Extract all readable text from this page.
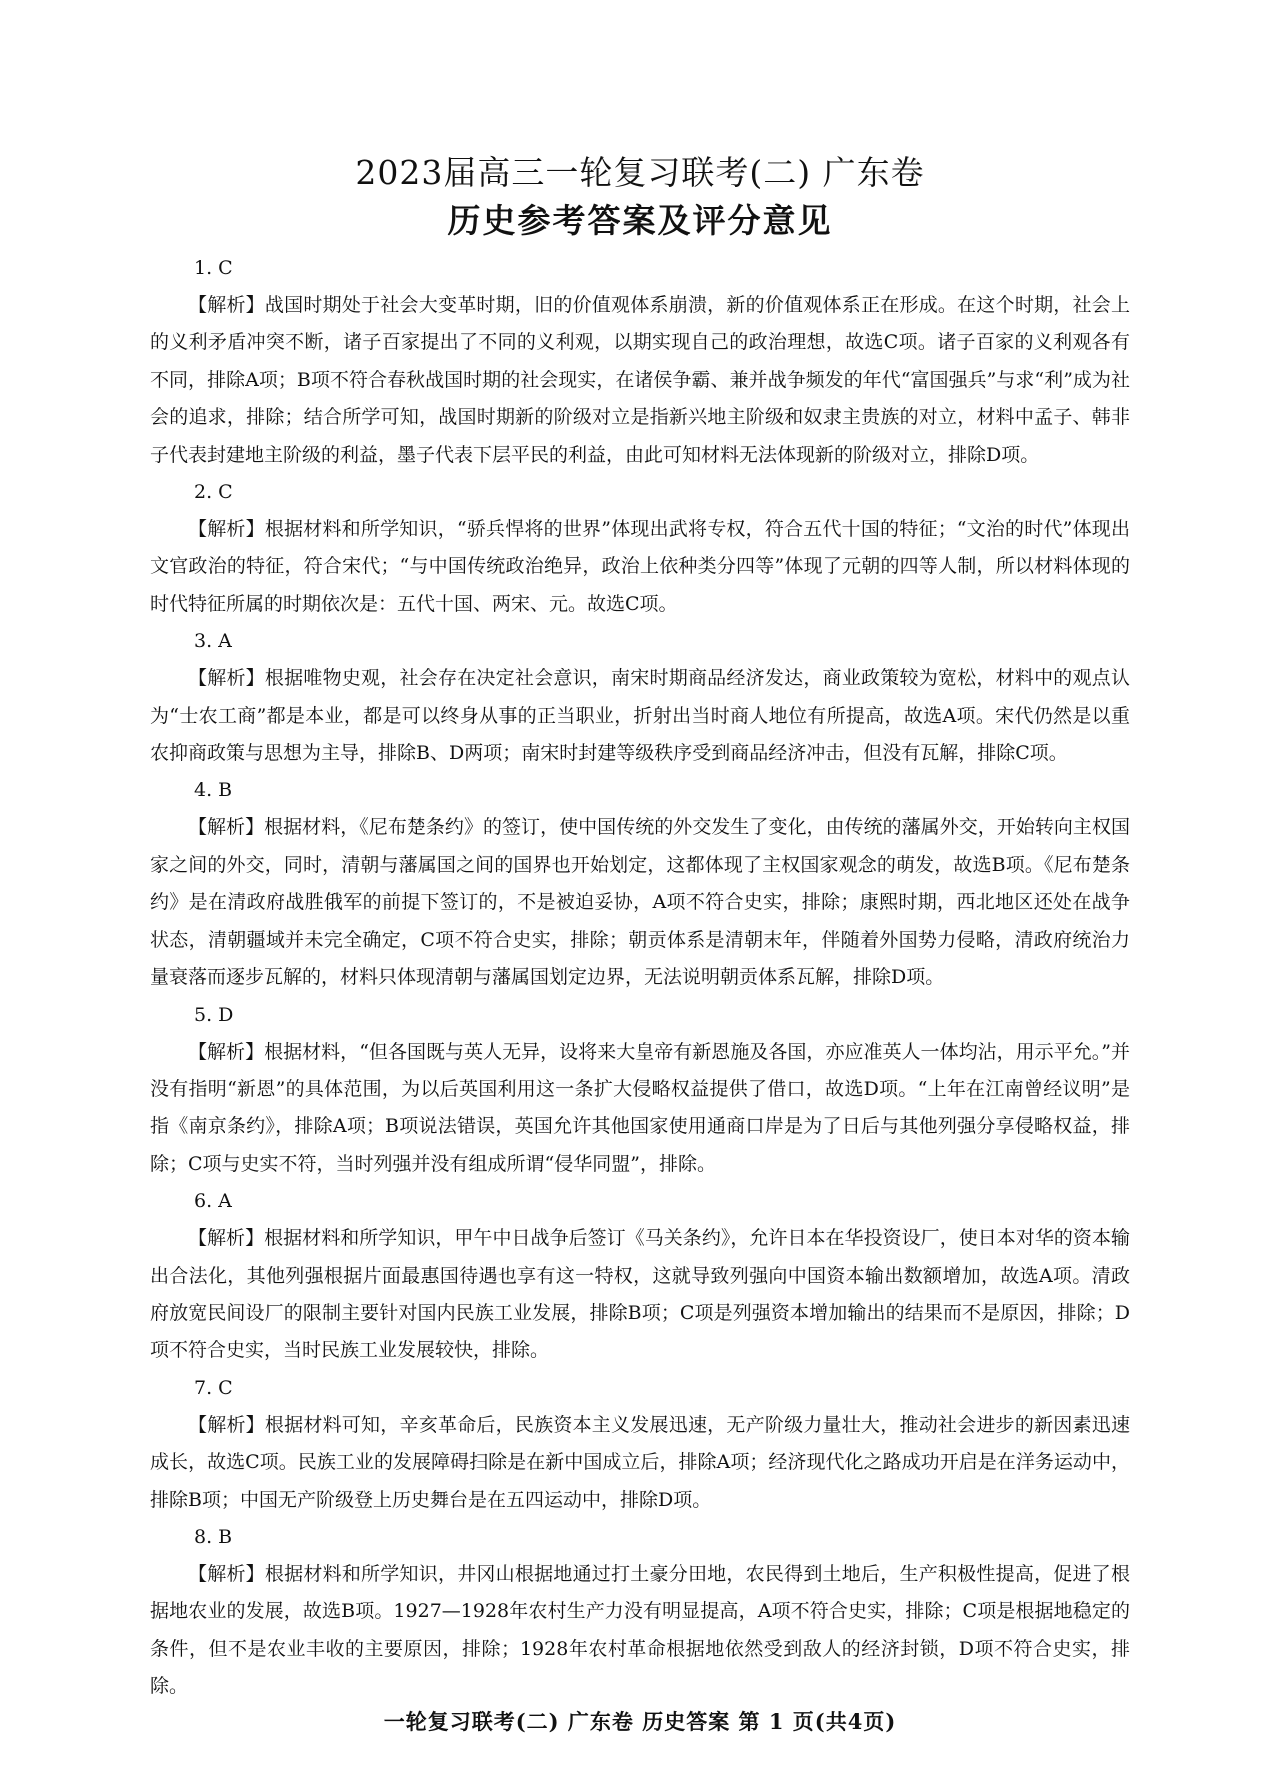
2023届高三一轮复习联考(二) 广东卷
历史参考答案及评分意见

1. C

【解析】战国时期处于社会大变革时期，旧的价值观体系崩溃，新的价值观体系正在形成。在这个时期，社会上的义利矛盾冲突不断，诸子百家提出了不同的义利观，以期实现自己的政治理想，故选C项。诸子百家的义利观各有不同，排除A项；B项不符合春秋战国时期的社会现实，在诸侯争霸、兼并战争频发的年代“富国强兵”与求“利”成为社会的追求，排除；结合所学可知，战国时期新的阶级对立是指新兴地主阶级和奴隶主贵族的对立，材料中孟子、韩非子代表封建地主阶级的利益，墨子代表下层平民的利益，由此可知材料无法体现新的阶级对立，排除D项。

2. C

【解析】根据材料和所学知识，“骄兵悍将的世界”体现出武将专权，符合五代十国的特征；“文治的时代”体现出文官政治的特征，符合宋代；“与中国传统政治绝异，政治上依种类分四等”体现了元朝的四等人制，所以材料体现的时代特征所属的时期依次是：五代十国、两宋、元。故选C项。

3. A

【解析】根据唯物史观，社会存在决定社会意识，南宋时期商品经济发达，商业政策较为宽松，材料中的观点认为“士农工商”都是本业，都是可以终身从事的正当职业，折射出当时商人地位有所提高，故选A项。宋代仍然是以重农抑商政策与思想为主导，排除B、D两项；南宋时封建等级秩序受到商品经济冲击，但没有瓦解，排除C项。

4. B

【解析】根据材料，《尼布楚条约》的签订，使中国传统的外交发生了变化，由传统的藩属外交，开始转向主权国家之间的外交，同时，清朝与藩属国之间的国界也开始划定，这都体现了主权国家观念的萌发，故选B项。《尼布楚条约》是在清政府战胜俄军的前提下签订的，不是被迫妥协，A项不符合史实，排除；康熙时期，西北地区还处在战争状态，清朝疆域并未完全确定，C项不符合史实，排除；朝贡体系是清朝末年，伴随着外国势力侵略，清政府统治力量衰落而逐步瓦解的，材料只体现清朝与藩属国划定边界，无法说明朝贡体系瓦解，排除D项。

5. D

【解析】根据材料，“但各国既与英人无异，设将来大皇帝有新恩施及各国，亦应准英人一体均沾，用示平允。”并没有指明“新恩”的具体范围，为以后英国利用这一条扩大侵略权益提供了借口，故选D项。“上年在江南曾经议明”是指《南京条约》，排除A项；B项说法错误，英国允许其他国家使用通商口岸是为了日后与其他列强分享侵略权益，排除；C项与史实不符，当时列强并没有组成所谓“侵华同盟”，排除。

6. A

【解析】根据材料和所学知识，甲午中日战争后签订《马关条约》，允许日本在华投资设厂，使日本对华的资本输出合法化，其他列强根据片面最惠国待遇也享有这一特权，这就导致列强向中国资本输出数额增加，故选A项。清政府放宽民间设厂的限制主要针对国内民族工业发展，排除B项；C项是列强资本增加输出的结果而不是原因，排除；D项不符合史实，当时民族工业发展较快，排除。

7. C

【解析】根据材料可知，辛亥革命后，民族资本主义发展迅速，无产阶级力量壮大，推动社会进步的新因素迅速成长，故选C项。民族工业的发展障碍扫除是在新中国成立后，排除A项；经济现代化之路成功开启是在洋务运动中，排除B项；中国无产阶级登上历史舞台是在五四运动中，排除D项。

8. B

【解析】根据材料和所学知识，井冈山根据地通过打土豪分田地，农民得到土地后，生产积极性提高，促进了根据地农业的发展，故选B项。1927—1928年农村生产力没有明显提高，A项不符合史实，排除；C项是根据地稳定的条件，但不是农业丰收的主要原因，排除；1928年农村革命根据地依然受到敌人的经济封锁，D项不符合史实，排除。

一轮复习联考(二) 广东卷 历史答案 第 1 页(共4页)
